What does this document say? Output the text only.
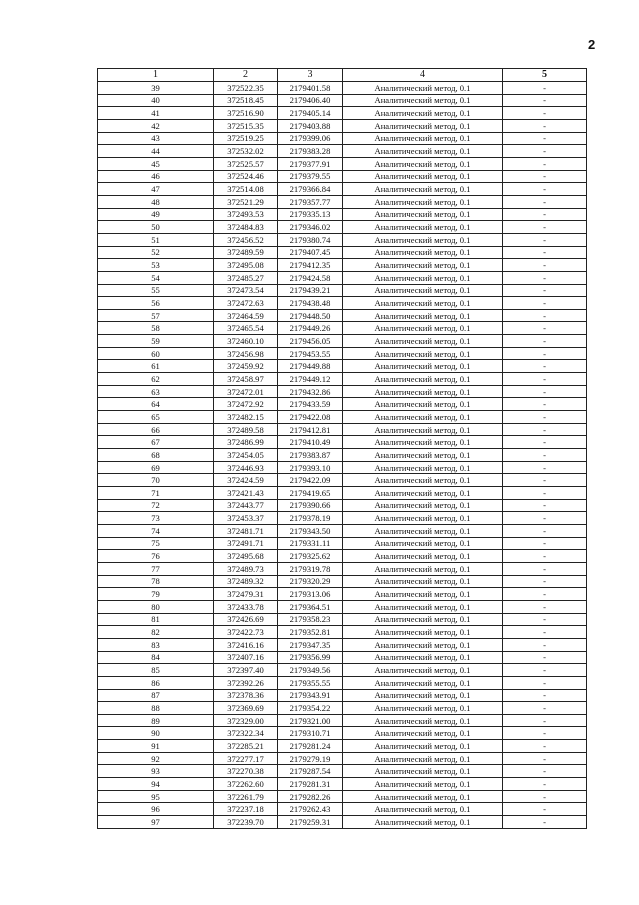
2
1	2	3	4	5
39	372522.35	2179401.58	Аналитический метод, 0.1	-
40	372518.45	2179406.40	Аналитический метод, 0.1	-
41	372516.90	2179405.14	Аналитический метод, 0.1	-
42	372515.35	2179403.88	Аналитический метод, 0.1	-
43	372519.25	2179399.06	Аналитический метод, 0.1	-
44	372532.02	2179383.28	Аналитический метод, 0.1	-
45	372525.57	2179377.91	Аналитический метод, 0.1	-
46	372524.46	2179379.55	Аналитический метод, 0.1	-
47	372514.08	2179366.84	Аналитический метод, 0.1	-
48	372521.29	2179357.77	Аналитический метод, 0.1	-
49	372493.53	2179335.13	Аналитический метод, 0.1	-
50	372484.83	2179346.02	Аналитический метод, 0.1	-
51	372456.52	2179380.74	Аналитический метод, 0.1	-
52	372489.59	2179407.45	Аналитический метод, 0.1	-
53	372495.08	2179412.35	Аналитический метод, 0.1	-
54	372485.27	2179424.58	Аналитический метод, 0.1	-
55	372473.54	2179439.21	Аналитический метод, 0.1	-
56	372472.63	2179438.48	Аналитический метод, 0.1	-
57	372464.59	2179448.50	Аналитический метод, 0.1	-
58	372465.54	2179449.26	Аналитический метод, 0.1	-
59	372460.10	2179456.05	Аналитический метод, 0.1	-
60	372456.98	2179453.55	Аналитический метод, 0.1	-
61	372459.92	2179449.88	Аналитический метод, 0.1	-
62	372458.97	2179449.12	Аналитический метод, 0.1	-
63	372472.01	2179432.86	Аналитический метод, 0.1	-
64	372472.92	2179433.59	Аналитический метод, 0.1	-
65	372482.15	2179422.08	Аналитический метод, 0.1	-
66	372489.58	2179412.81	Аналитический метод, 0.1	-
67	372486.99	2179410.49	Аналитический метод, 0.1	-
68	372454.05	2179383.87	Аналитический метод, 0.1	-
69	372446.93	2179393.10	Аналитический метод, 0.1	-
70	372424.59	2179422.09	Аналитический метод, 0.1	-
71	372421.43	2179419.65	Аналитический метод, 0.1	-
72	372443.77	2179390.66	Аналитический метод, 0.1	-
73	372453.37	2179378.19	Аналитический метод, 0.1	-
74	372481.71	2179343.50	Аналитический метод, 0.1	-
75	372491.71	2179331.11	Аналитический метод, 0.1	-
76	372495.68	2179325.62	Аналитический метод, 0.1	-
77	372489.73	2179319.78	Аналитический метод, 0.1	-
78	372489.32	2179320.29	Аналитический метод, 0.1	-
79	372479.31	2179313.06	Аналитический метод, 0.1	-
80	372433.78	2179364.51	Аналитический метод, 0.1	-
81	372426.69	2179358.23	Аналитический метод, 0.1	-
82	372422.73	2179352.81	Аналитический метод, 0.1	-
83	372416.16	2179347.35	Аналитический метод, 0.1	-
84	372407.16	2179356.99	Аналитический метод, 0.1	-
85	372397.40	2179349.56	Аналитический метод, 0.1	-
86	372392.26	2179355.55	Аналитический метод, 0.1	-
87	372378.36	2179343.91	Аналитический метод, 0.1	-
88	372369.69	2179354.22	Аналитический метод, 0.1	-
89	372329.00	2179321.00	Аналитический метод, 0.1	-
90	372322.34	2179310.71	Аналитический метод, 0.1	-
91	372285.21	2179281.24	Аналитический метод, 0.1	-
92	372277.17	2179279.19	Аналитический метод, 0.1	-
93	372270.38	2179287.54	Аналитический метод, 0.1	-
94	372262.60	2179281.31	Аналитический метод, 0.1	-
95	372261.79	2179282.26	Аналитический метод, 0.1	-
96	372237.18	2179262.43	Аналитический метод, 0.1	-
97	372239.70	2179259.31	Аналитический метод, 0.1	-
